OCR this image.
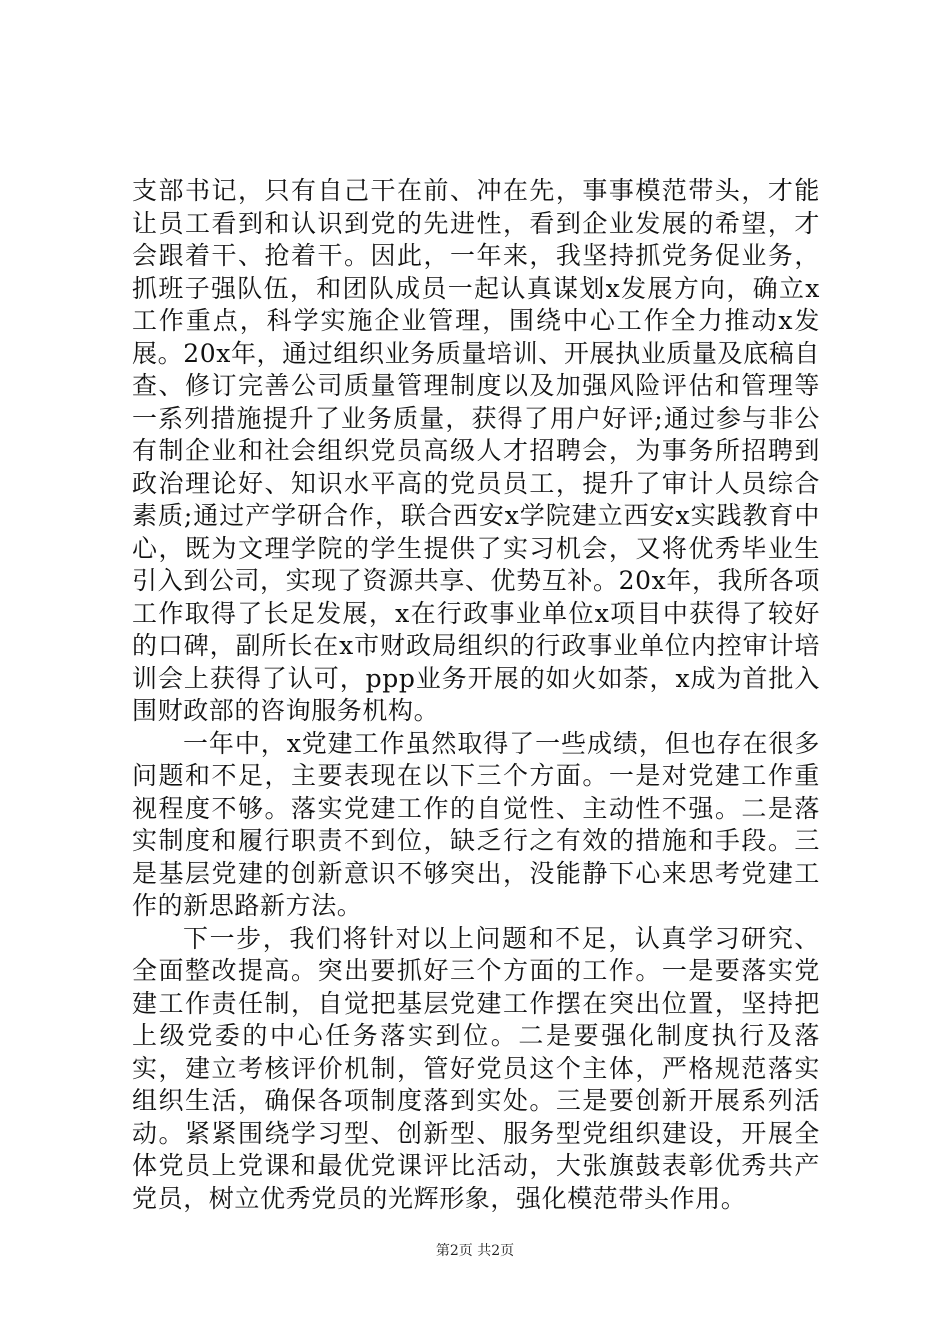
支部书记，只有自己干在前、冲在先，事事模范带头，才能让员工看到和认识到党的先进性，看到企业发展的希望，才会跟着干、抢着干。因此，一年来，我坚持抓党务促业务，抓班子强队伍，和团队成员一起认真谋划x发展方向，确立x工作重点，科学实施企业管理，围绕中心工作全力推动x发展。20x年，通过组织业务质量培训、开展执业质量及底稿自查、修订完善公司质量管理制度以及加强风险评估和管理等一系列措施提升了业务质量，获得了用户好评;通过参与非公有制企业和社会组织党员高级人才招聘会，为事务所招聘到政治理论好、知识水平高的党员员工，提升了审计人员综合素质;通过产学研合作，联合西安x学院建立西安x实践教育中心，既为文理学院的学生提供了实习机会，又将优秀毕业生引入到公司，实现了资源共享、优势互补。20x年，我所各项工作取得了长足发展，x在行政事业单位x项目中获得了较好的口碑，副所长在x市财政局组织的行政事业单位内控审计培训会上获得了认可，ppp业务开展的如火如荼，x成为首批入围财政部的咨询服务机构。

一年中，x党建工作虽然取得了一些成绩，但也存在很多问题和不足，主要表现在以下三个方面。一是对党建工作重视程度不够。落实党建工作的自觉性、主动性不强。二是落实制度和履行职责不到位，缺乏行之有效的措施和手段。三是基层党建的创新意识不够突出，没能静下心来思考党建工作的新思路新方法。

下一步，我们将针对以上问题和不足，认真学习研究、全面整改提高。突出要抓好三个方面的工作。一是要落实党建工作责任制，自觉把基层党建工作摆在突出位置，坚持把上级党委的中心任务落实到位。二是要强化制度执行及落实，建立考核评价机制，管好党员这个主体，严格规范落实组织生活，确保各项制度落到实处。三是要创新开展系列活动。紧紧围绕学习型、创新型、服务型党组织建设，开展全体党员上党课和最优党课评比活动，大张旗鼓表彰优秀共产党员，树立优秀党员的光辉形象，强化模范带头作用。

第2页 共2页
